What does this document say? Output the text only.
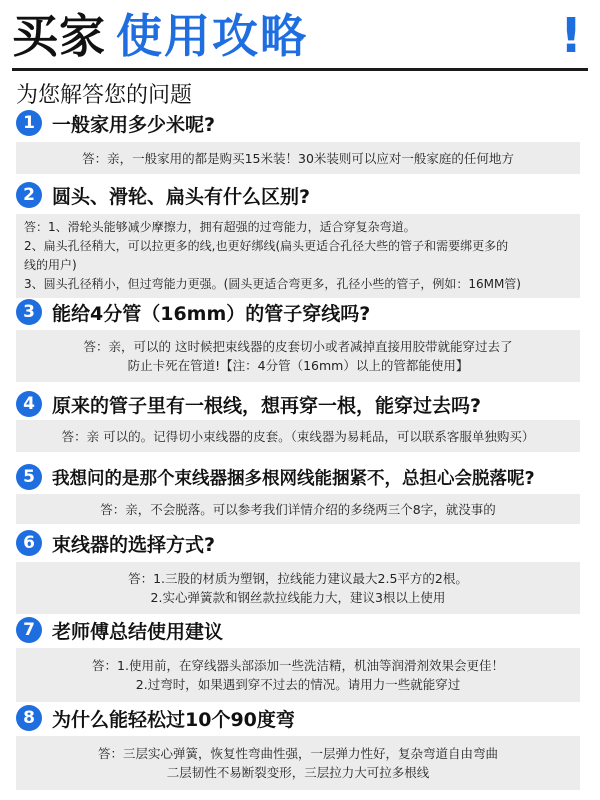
买家 使用攻略	!
为您解答您的问题
1 一般家用多少米呢?
答：亲，一般家用的都是购买15米装！30米装则可以应对一般家庭的任何地方
2 圆头、滑轮、扁头有什么区别?
答：1、滑轮头能够减少摩擦力，拥有超强的过弯能力，适合穿复杂弯道。
2、扁头孔径稍大，可以拉更多的线,也更好绑线(扁头更适合孔径大些的管子和需要绑更多的
线的用户)
3、圆头孔径稍小，但过弯能力更强。(圆头更适合弯更多，孔径小些的管子，例如：16MM管)
3 能给4分管（16mm）的管子穿线吗?
答：亲，可以的 这时候把束线器的皮套切小或者减掉直接用胶带就能穿过去了
防止卡死在管道!【注：4分管（16mm）以上的管都能使用】
4 原来的管子里有一根线，想再穿一根，能穿过去吗?
答：亲 可以的。记得切小束线器的皮套。（束线器为易耗品，可以联系客服单独购买）
5 我想问的是那个束线器捆多根网线能捆紧不，总担心会脱落呢?
答：亲，不会脱落。可以参考我们详情介绍的多绕两三个8字，就没事的
6 束线器的选择方式?
答：1.三股的材质为塑钢，拉线能力建议最大2.5平方的2根。
2.实心弹簧款和钢丝款拉线能力大，建议3根以上使用
7 老师傅总结使用建议
答：1.使用前，在穿线器头部添加一些洗洁精，机油等润滑剂效果会更佳！
2.过弯时，如果遇到穿不过去的情况。请用力一些就能穿过
8 为什么能轻松过10个90度弯
答：三层实心弹簧，恢复性弯曲性强，一层弹力性好，复杂弯道自由弯曲
二层韧性不易断裂变形，三层拉力大可拉多根线
